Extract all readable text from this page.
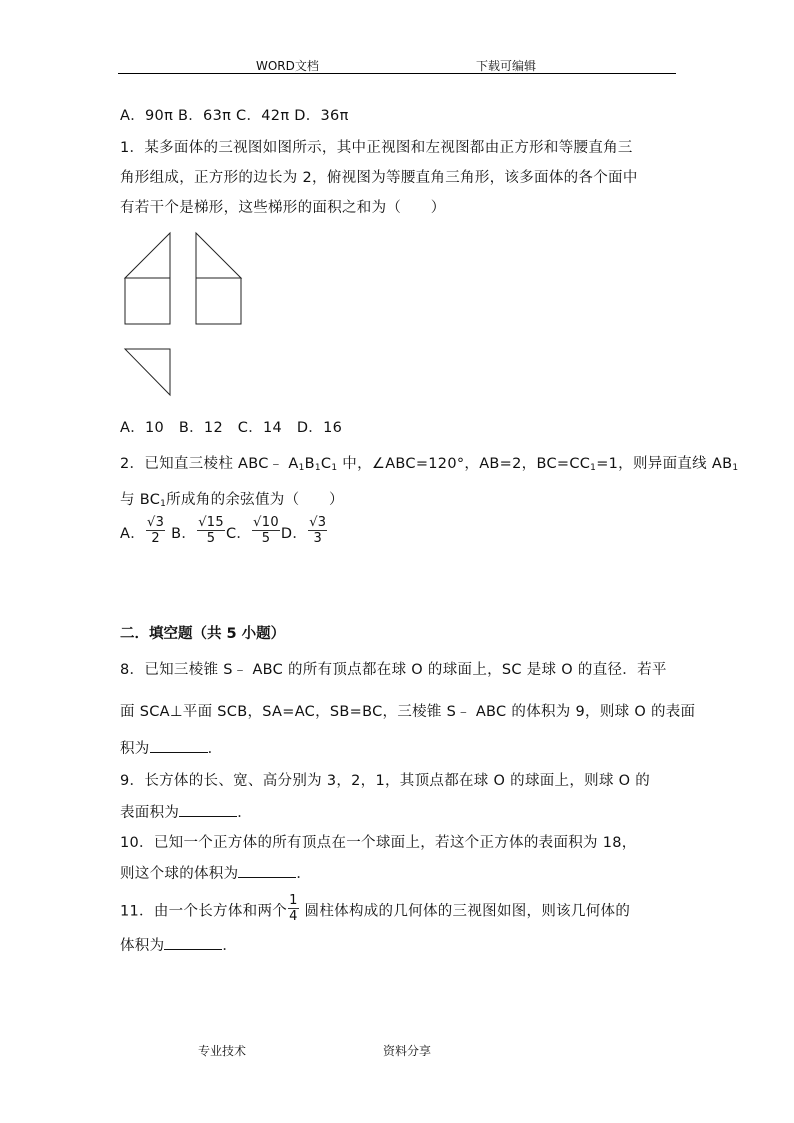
WORD文档	下载可编辑
A．90π B．63π C．42π D．36π
1．某多面体的三视图如图所示，其中正视图和左视图都由正方形和等腰直角三
角形组成，正方形的边长为 2，俯视图为等腰直角三角形，该多面体的各个面中
有若干个是梯形，这些梯形的面积之和为（　　）
A．10　B．12　C．14　D．16
2．已知直三棱柱 ABC﹣ $A_1B_1C_1$ 中，∠ABC=120°，AB=2，$BC=CC_1=1$，则异面直线 $AB_1$
与 $BC_1$所成角的余弦值为（　　）
A． $\frac{√3}{2}$ B． $\frac{√15}{5}$ C． $\frac{√10}{5}$ D． $\frac{√3}{3}$
二．填空题（共 5 小题）
8．已知三棱锥 S﹣ ABC 的所有顶点都在球 O 的球面上，SC 是球 O 的直径．若平
面 SCA⊥平面 SCB，SA=AC，SB=BC，三棱锥 S﹣ ABC 的体积为 9，则球 O 的表面
积为	．
9．长方体的长、宽、高分别为 3，2，1，其顶点都在球 O 的球面上，则球 O 的
表面积为	．
10．已知一个正方体的所有顶点在一个球面上，若这个正方体的表面积为 18，
则这个球的体积为	．
11．由一个长方体和两个 $\frac{1}{4}$ 圆柱体构成的几何体的三视图如图，则该几何体的
体积为	．
专业技术	资料分享
